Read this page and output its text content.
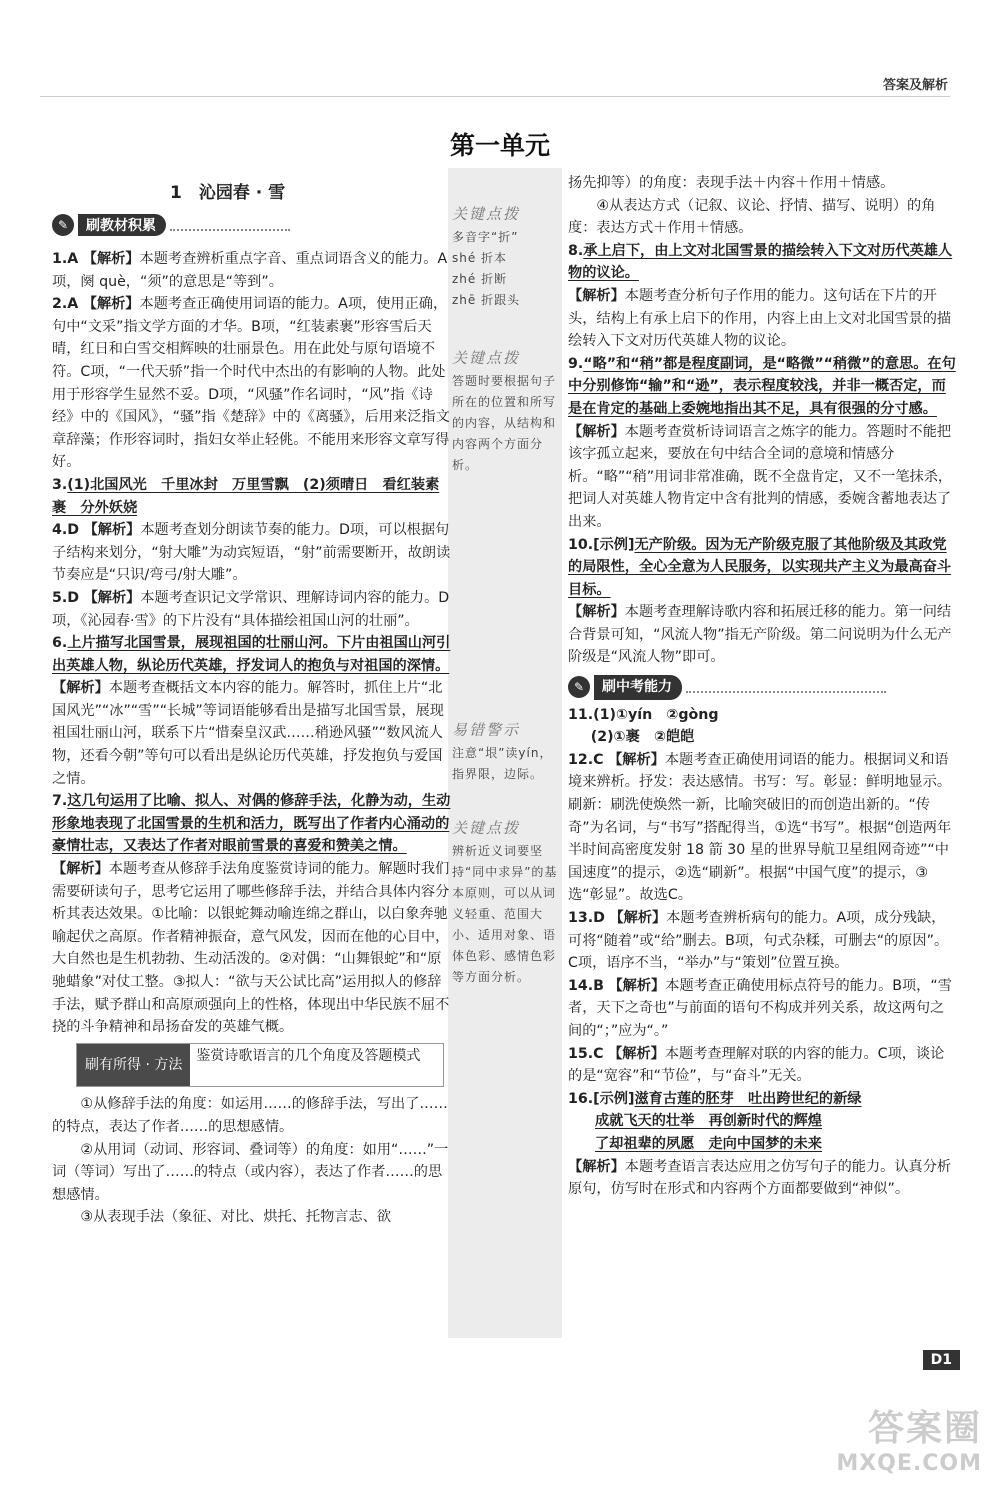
答案及解析
第一单元
1　沁园春 · 雪
关键点拨
多音字“折”
shé 折本
zhé 折断
zhē 折跟头
关键点拨
答题时要根据句子所在的位置和所写的内容，从结构和内容两个方面分析。
易错警示
注意“垠”读yín，指界限，边际。
关键点拨
辨析近义词要坚持“同中求异”的基本原则，可以从词义轻重、范围大小、适用对象、语体色彩、感情色彩等方面分析。
✎	刷教材积累

1.A 【解析】本题考查辨析重点字音、重点词语含义的能力。A项，阕 què，“须”的意思是“等到”。

2.A 【解析】本题考查正确使用词语的能力。A项，使用正确，句中“文采”指文学方面的才华。B项，“红装素裹”形容雪后天晴，红日和白雪交相辉映的壮丽景色。用在此处与原句语境不符。C项，“一代天骄”指一个时代中杰出的有影响的人物。此处用于形容学生显然不妥。D项，“风骚”作名词时，“风”指《诗经》中的《国风》，“骚”指《楚辞》中的《离骚》，后用来泛指文章辞藻；作形容词时，指妇女举止轻佻。不能用来形容文章写得好。

3.(1)北国风光　千里冰封　万里雪飘　(2)须晴日　看红装素裹　分外妖娆

4.D 【解析】本题考查划分朗读节奏的能力。D项，可以根据句子结构来划分，“射大雕”为动宾短语，“射”前需要断开，故朗读节奏应是“只识/弯弓/射大雕”。

5.D 【解析】本题考查识记文学常识、理解诗词内容的能力。D项，《沁园春·雪》的下片没有“具体描绘祖国山河的壮丽”。

6.上片描写北国雪景，展现祖国的壮丽山河。下片由祖国山河引出英雄人物，纵论历代英雄，抒发词人的抱负与对祖国的深情。

【解析】本题考查概括文本内容的能力。解答时，抓住上片“北国风光”“冰”“雪”“长城”等词语能够看出是描写北国雪景，展现祖国壮丽山河，联系下片“惜秦皇汉武……稍逊风骚”“数风流人物，还看今朝”等句可以看出是纵论历代英雄，抒发抱负与爱国之情。

7.这几句运用了比喻、拟人、对偶的修辞手法，化静为动，生动形象地表现了北国雪景的生机和活力，既写出了作者内心涌动的豪情壮志，又表达了作者对眼前雪景的喜爱和赞美之情。

【解析】本题考查从修辞手法角度鉴赏诗词的能力。解题时我们需要研读句子，思考它运用了哪些修辞手法，并结合具体内容分析其表达效果。①比喻：以银蛇舞动喻连绵之群山，以白象奔驰喻起伏之高原。作者精神振奋，意气风发，因而在他的心目中，大自然也是生机勃勃、生动活泼的。②对偶：“山舞银蛇”和“原驰蜡象”对仗工整。③拟人：“欲与天公试比高”运用拟人的修辞手法，赋予群山和高原顽强向上的性格，体现出中华民族不屈不挠的斗争精神和昂扬奋发的英雄气概。

刷有所得 · 方法
鉴赏诗歌语言的几个角度及答题模式

①从修辞手法的角度：如运用……的修辞手法，写出了……的特点，表达了作者……的思想感情。

②从用词（动词、形容词、叠词等）的角度：如用“……”一词（等词）写出了……的特点（或内容），表达了作者……的思想感情。

③从表现手法（象征、对比、烘托、托物言志、欲

扬先抑等）的角度：表现手法＋内容＋作用＋情感。

④从表达方式（记叙、议论、抒情、描写、说明）的角度：表达方式＋作用＋情感。

8.承上启下，由上文对北国雪景的描绘转入下文对历代英雄人物的议论。

【解析】本题考查分析句子作用的能力。这句话在下片的开头，结构上有承上启下的作用，内容上由上文对北国雪景的描绘转入下文对历代英雄人物的议论。

9.“略”和“稍”都是程度副词，是“略微”“稍微”的意思。在句中分别修饰“输”和“逊”，表示程度较浅，并非一概否定，而是在肯定的基础上委婉地指出其不足，具有很强的分寸感。

【解析】本题考查赏析诗词语言之炼字的能力。答题时不能把该字孤立起来，要放在句中结合全词的意境和情感分析。“略”“稍”用词非常准确，既不全盘肯定，又不一笔抹杀，把词人对英雄人物肯定中含有批判的情感，委婉含蓄地表达了出来。

10.[示例]无产阶级。因为无产阶级克服了其他阶级及其政党的局限性，全心全意为人民服务，以实现共产主义为最高奋斗目标。

【解析】本题考查理解诗歌内容和拓展迁移的能力。第一问结合背景可知，“风流人物”指无产阶级。第二问说明为什么无产阶级是“风流人物”即可。

✎	刷中考能力

11.(1)①yín　②gòng

(2)①裹　②皑皑

12.C 【解析】本题考查正确使用词语的能力。根据词义和语境来辨析。抒发：表达感情。书写：写。彰显：鲜明地显示。刷新：刷洗使焕然一新，比喻突破旧的而创造出新的。“传奇”为名词，与“书写”搭配得当，①选“书写”。根据“创造两年半时间高密度发射 18 箭 30 星的世界导航卫星组网奇迹”“中国速度”的提示，②选“刷新”。根据“中国气度”的提示，③选“彰显”。故选C。

13.D 【解析】本题考查辨析病句的能力。A项，成分残缺，可将“随着”或“给”删去。B项，句式杂糅，可删去“的原因”。C项，语序不当，“举办”与“策划”位置互换。

14.B 【解析】本题考查正确使用标点符号的能力。B项，“雪者，天下之奇也”与前面的语句不构成并列关系，故这两句之间的“；”应为“。”

15.C 【解析】本题考查理解对联的内容的能力。C项，谈论的是“宽容”和“节俭”，与“奋斗”无关。

16.[示例]滋育古莲的胚芽　吐出跨世纪的新绿

成就飞天的壮举　再创新时代的辉煌

了却祖辈的夙愿　走向中国梦的未来

【解析】本题考查语言表达应用之仿写句子的能力。认真分析原句，仿写时在形式和内容两个方面都要做到“神似”。

D1
答案圈
MXQE.COM
